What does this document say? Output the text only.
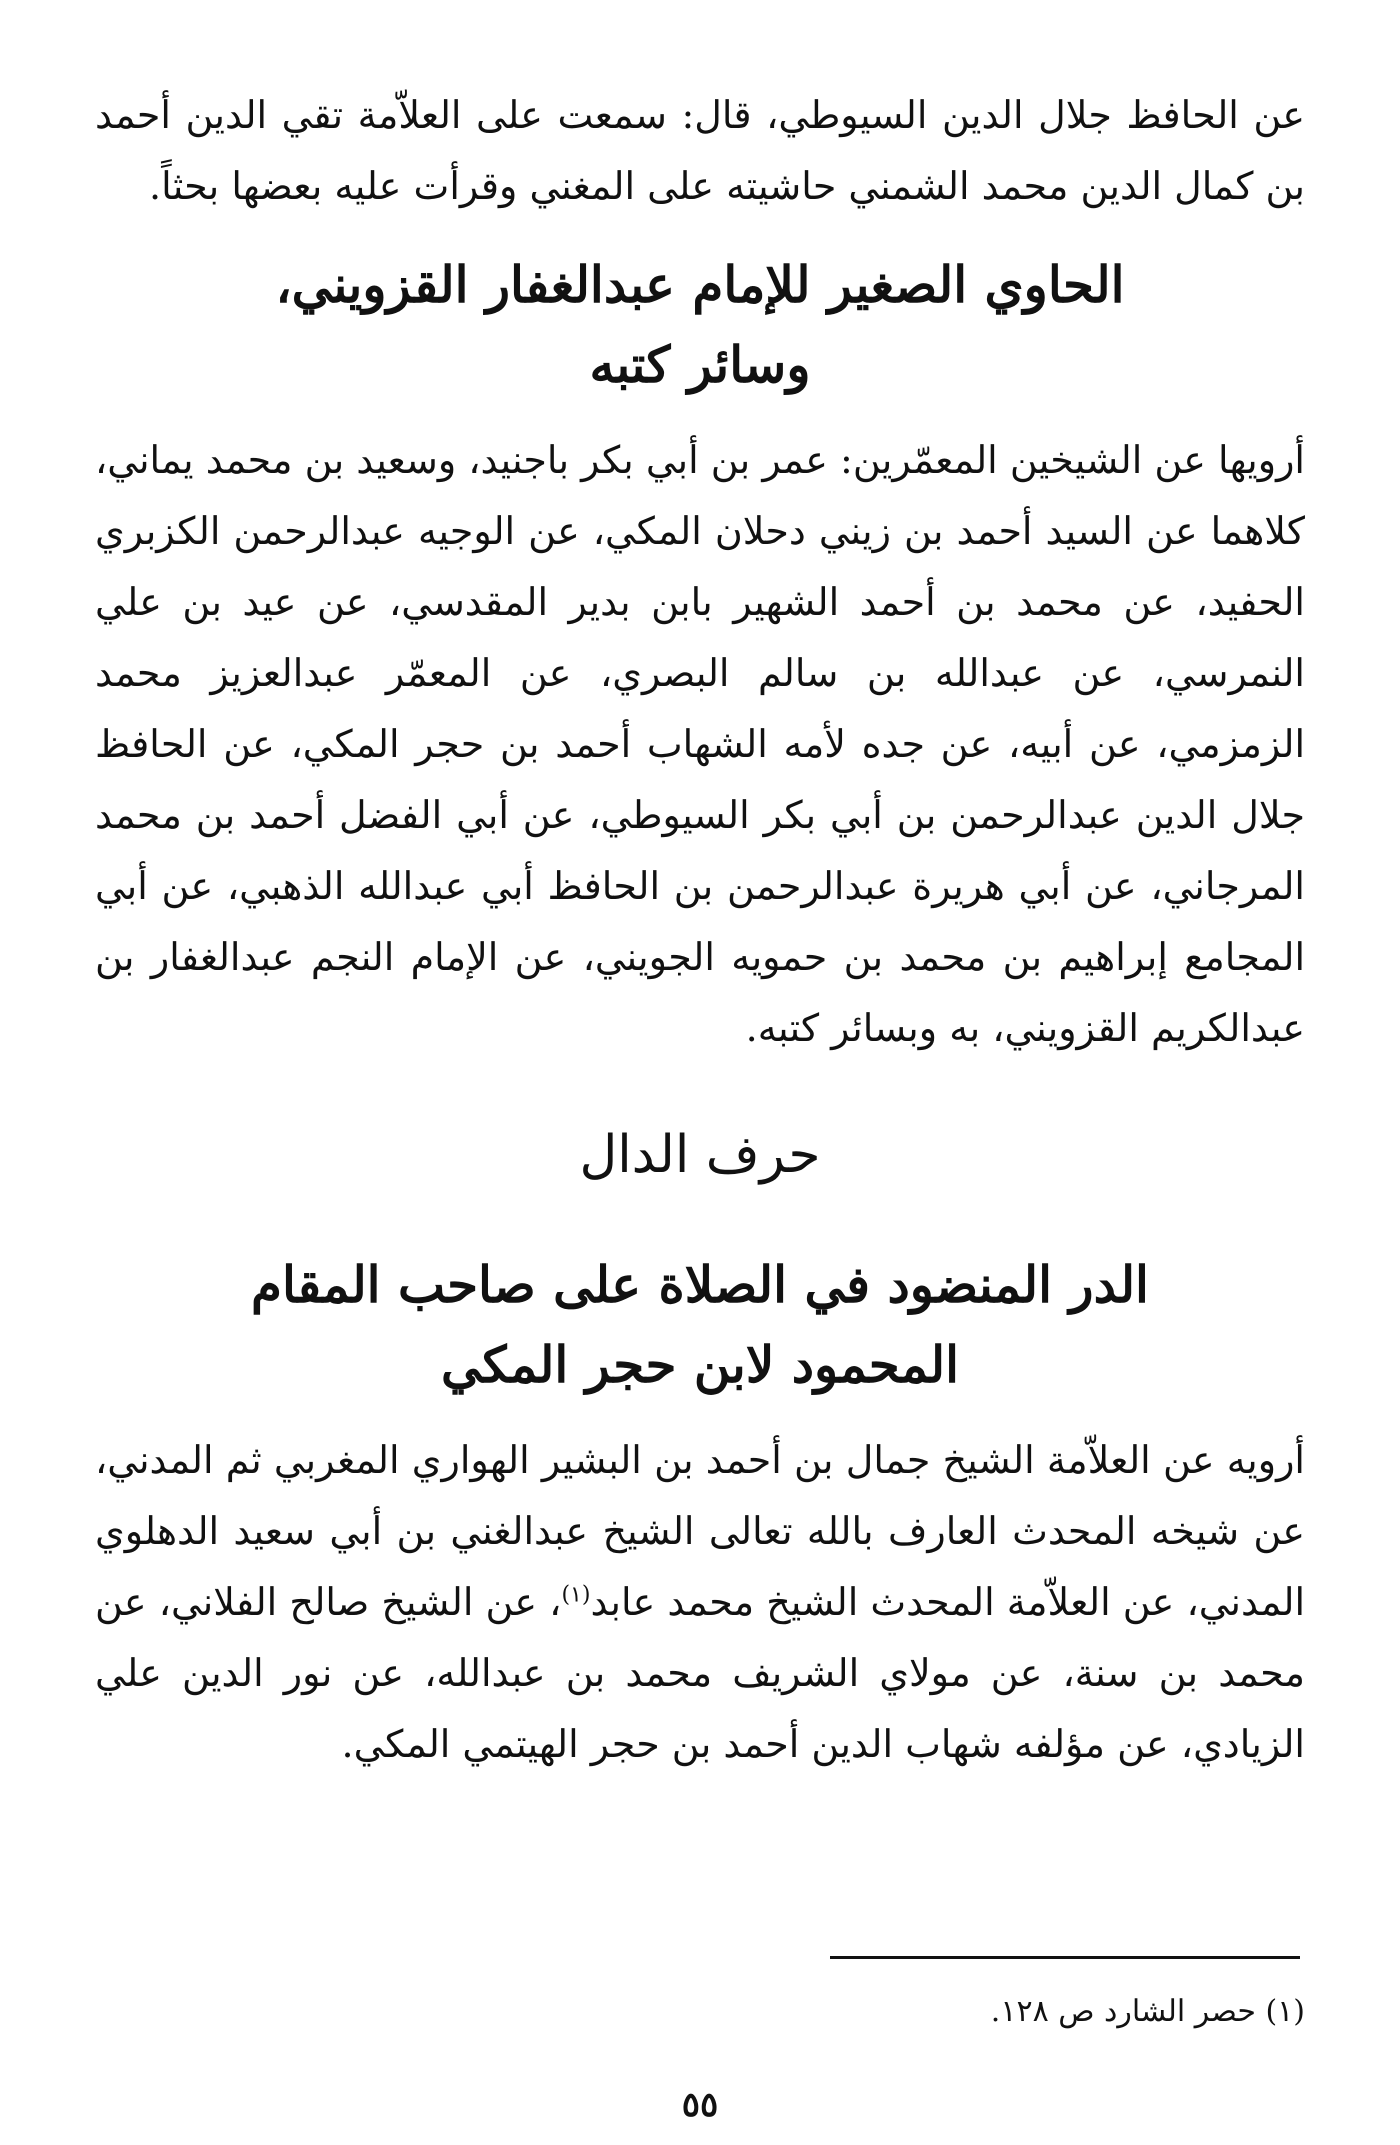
عن الحافظ جلال الدين السيوطي، قال: سمعت على العلاّمة تقي الدين أحمد بن كمال الدين محمد الشمني حاشيته على المغني وقرأت عليه بعضها بحثاً.

الحاوي الصغير للإمام عبدالغفار القزويني،
وسائر كتبه

أرويها عن الشيخين المعمّرين: عمر بن أبي بكر باجنيد، وسعيد بن محمد يماني، كلاهما عن السيد أحمد بن زيني دحلان المكي، عن الوجيه عبدالرحمن الكزبري الحفيد، عن محمد بن أحمد الشهير بابن بدير المقدسي، عن عيد بن علي النمرسي، عن عبدالله بن سالم البصري، عن المعمّر عبدالعزيز محمد الزمزمي، عن أبيه، عن جده لأمه الشهاب أحمد بن حجر المكي، عن الحافظ جلال الدين عبدالرحمن بن أبي بكر السيوطي، عن أبي الفضل أحمد بن محمد المرجاني، عن أبي هريرة عبدالرحمن بن الحافظ أبي عبدالله الذهبي، عن أبي المجامع إبراهيم بن محمد بن حمويه الجويني، عن الإمام النجم عبدالغفار بن عبدالكريم القزويني، به وبسائر كتبه.

حرف الدال
الدر المنضود في الصلاة على صاحب المقام
المحمود لابن حجر المكي

أرويه عن العلاّمة الشيخ جمال بن أحمد بن البشير الهواري المغربي ثم المدني، عن شيخه المحدث العارف بالله تعالى الشيخ عبدالغني بن أبي سعيد الدهلوي المدني، عن العلاّمة المحدث الشيخ محمد عابد$^{(١)}$، عن الشيخ صالح الفلاني، عن محمد بن سنة، عن مولاي الشريف محمد بن عبدالله، عن نور الدين علي الزيادي، عن مؤلفه شهاب الدين أحمد بن حجر الهيتمي المكي.

(١) حصر الشارد ص ١٢٨.

٥٥
